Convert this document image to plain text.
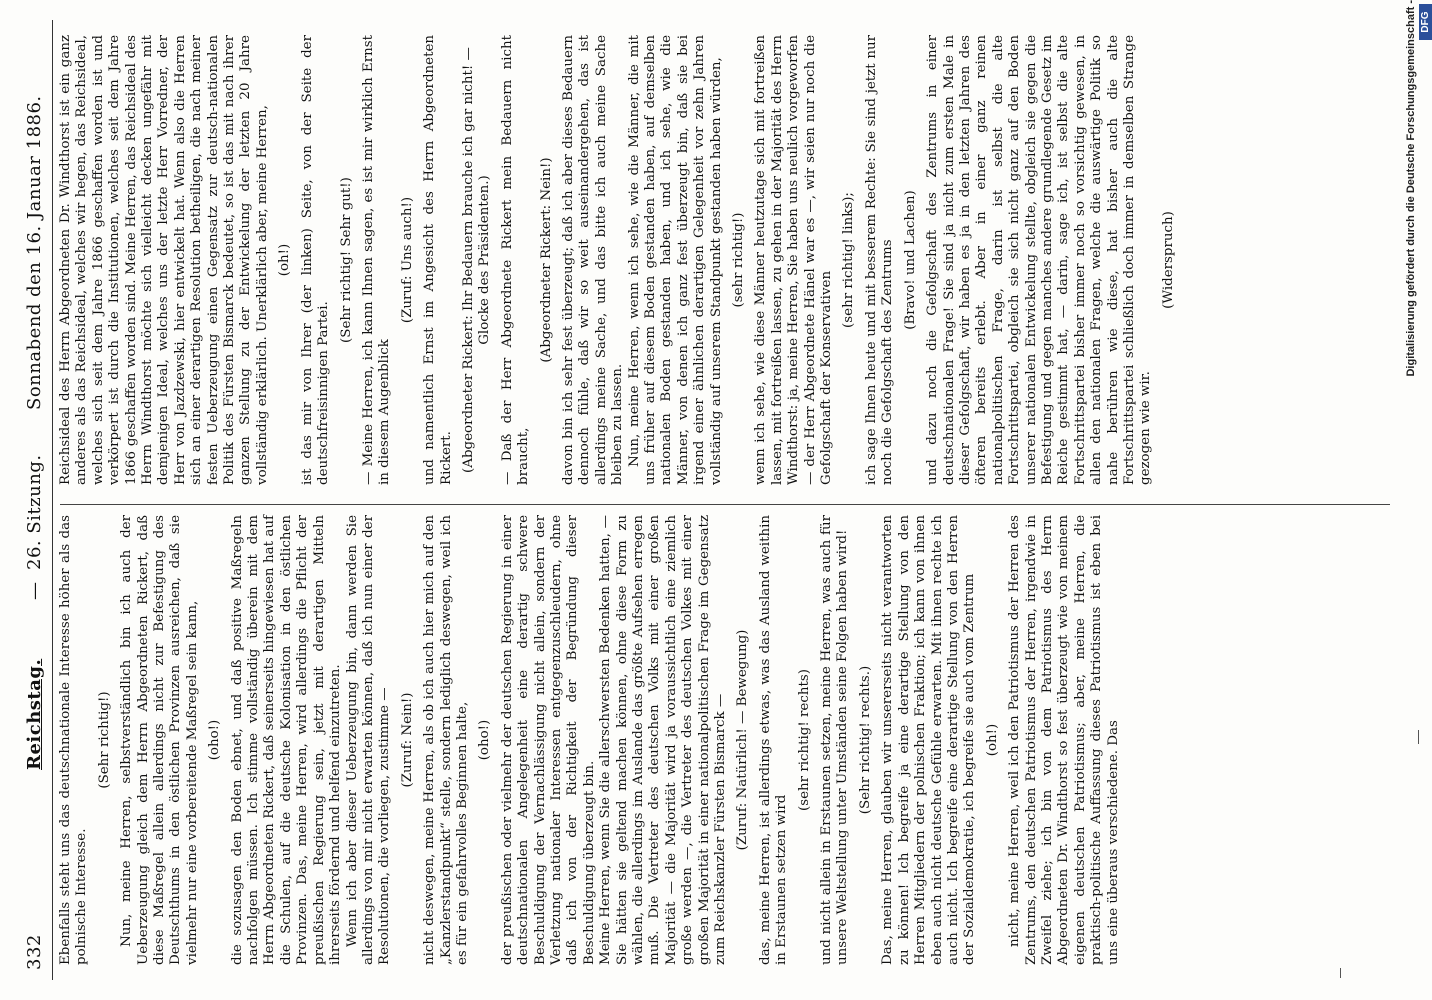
332
Reichstag.
—
26. Sitzung.
Sonnabend den 16. Januar 1886.

Ebenfalls steht uns das deutschnationale Interesse höher als das polnische Interesse.

(Sehr richtig!) Nun, meine Herren, selbstverständlich bin ich auch der Ueberzeugung gleich dem Herrn Abgeordneten Rickert, daß diese Maßregel allein allerdings nicht zur Befestigung des Deutschthums in den östlichen Provinzen ausreichen, daß sie vielmehr nur eine vorbereitende Maßregel sein kann, (oho!) die sozusagen den Boden ebnet, und daß positive Maßregeln nachfolgen müssen. Ich stimme vollständig überein mit dem Herrn Abgeordneten Rickert, daß seinerseits hingewiesen hat auf die Schulen, auf die deutsche Kolonisation in den östlichen Provinzen. Das, meine Herren, wird allerdings die Pflicht der preußischen Regierung sein, jetzt mit derartigen Mitteln ihrerseits fördernd und helfend einzutreten. Wenn ich aber dieser Ueberzeugung bin, dann werden Sie allerdings von mir nicht erwarten können, daß ich nun einer der Resolutionen, die vorliegen, zustimme — (Zuruf: Nein!) nicht deswegen, meine Herren, als ob ich auch hier mich auf den „Kanzlerstandpunkt“ stelle, sondern lediglich deswegen, weil ich es für ein gefahrvolles Beginnen halte, (oho!) der preußischen oder vielmehr der deutschen Regierung in einer deutschnationalen Angelegenheit eine derartig schwere Beschuldigung der Vernachlässigung nicht allein, sondern der Verletzung nationaler Interessen entgegenzuschleudern, ohne daß ich von der Richtigkeit der Begründung dieser Beschuldigung überzeugt bin. Meine Herren, wenn Sie die allerschwersten Bedenken hatten, — Sie hätten sie geltend machen können, ohne diese Form zu wählen, die allerdings im Auslande das größte Aufsehen erregen muß. Die Vertreter des deutschen Volks mit einer großen Majorität — die Majorität wird ja voraussichtlich eine ziemlich große werden —, die Vertreter des deutschen Volkes mit einer großen Majorität in einer nationalpolitischen Frage im Gegensatz zum Reichskanzler Fürsten Bismarck — (Zuruf: Natürlich! — Bewegung) das, meine Herren, ist allerdings etwas, was das Ausland weithin in Erstaunen setzen wird

(sehr richtig! rechts) und nicht allein in Erstaunen setzen, meine Herren, was auch für unsere Weltstellung unter Umständen seine Folgen haben wird! (Sehr richtig! rechts.) Das, meine Herren, glauben wir unsererseits nicht verantworten zu können! Ich begreife ja eine derartige Stellung von den Herren Mitgliedern der polnischen Fraktion; ich kann von ihnen eben auch nicht deutsche Gefühle erwarten. Mit ihnen rechte ich auch nicht. Ich begreife eine derartige Stellung von den Herren der Sozialdemokratie, ich begreife sie auch vom Zentrum (oh!) nicht, meine Herren, weil ich den Patriotismus der Herren des Zentrums, den deutschen Patriotismus der Herren, irgendwie in Zweifel ziehe; ich bin von dem Patriotismus des Herrn Abgeordneten Dr. Windthorst so fest überzeugt wie von meinem eigenen deutschen Patriotismus; aber, meine Herren, die praktisch-politische Auffassung dieses Patriotismus ist eben bei uns eine überaus verschiedene. Das

Reichsideal des Herrn Abgeordneten Dr. Windthorst ist ein ganz anderes als das Reichsideal, welches wir hegen, das Reichsideal, welches sich seit dem Jahre 1866 geschaffen worden ist und verkörpert ist durch die Institutionen, welches seit dem Jahre 1866 geschaffen worden sind. Meine Herren, das Reichsideal des Herrn Windthorst möchte sich vielleicht decken ungefähr mit demjenigen Ideal, welches uns der letzte Herr Vorredner, der Herr von Jazdzewski, hier entwickelt hat. Wenn also die Herren sich an einer derartigen Resolution betheiligen, die nach meiner festen Ueberzeugung einen Gegensatz zur deutsch-nationalen Politik des Fürsten Bismarck bedeutet, so ist das mit nach ihrer ganzen Stellung zu der Entwickelung der letzten 20 Jahre vollständig erklärlich. Unerklärlich aber, meine Herren, (oh!) ist das mir von Ihrer (der linken) Seite, von der Seite der deutschfreisinnigen Partei.

(Sehr richtig! Sehr gut!) — Meine Herren, ich kann Ihnen sagen, es ist mir wirklich Ernst in diesem Augenblick

(Zuruf: Uns auch!) und namentlich Ernst im Angesicht des Herrn Abgeordneten Rickert. (Abgeordneter Rickert: Ihr Bedauern brauche ich gar nicht! — Glocke des Präsidenten.) — Daß der Herr Abgeordnete Rickert mein Bedauern nicht braucht,

(Abgeordneter Rickert: Nein!) davon bin ich sehr fest überzeugt; daß ich aber dieses Bedauern dennoch fühle, daß wir so weit auseinandergehen, das ist allerdings meine Sache, und das bitte ich auch meine Sache bleiben zu lassen. Nun, meine Herren, wenn ich sehe, wie die Männer, die mit uns früher auf diesem Boden gestanden haben, auf demselben nationalen Boden gestanden haben, und ich sehe, wie die Männer, von denen ich ganz fest überzeugt bin, daß sie bei irgend einer ähnlichen derartigen Gelegenheit vor zehn Jahren vollständig auf unserem Standpunkt gestanden haben würden, (sehr richtig!) wenn ich sehe, wie diese Männer heutzutage sich mit fortreißen lassen, mit fortreißen lassen, zu gehen in der Majorität des Herrn Windthorst: ja, meine Herren, Sie haben uns neulich vorgeworfen — der Herr Abgeordnete Hänel war es —, wir seien nur noch die Gefolgschaft der Konservativen

(sehr richtig! links); ich sage Ihnen heute und mit besserem Rechte: Sie sind jetzt nur noch die Gefolgschaft des Zentrums (Bravo! und Lachen) und dazu noch die Gefolgschaft des Zentrums in einer deutschnationalen Frage! Sie sind ja nicht zum ersten Male in dieser Gefolgschaft, wir haben es ja in den letzten Jahren des öfteren bereits erlebt. Aber in einer ganz reinen nationalpolitischen Frage, darin ist selbst die alte Fortschrittspartei, obgleich sie sich nicht ganz auf den Boden unserer nationalen Entwickelung stellte, obgleich sie gegen die Befestigung und gegen manches andere grundlegende Gesetz im Reiche gestimmt hat, — darin, sage ich, ist selbst die alte Fortschrittspartei bisher immer noch so vorsichtig gewesen, in allen den nationalen Fragen, welche die auswärtige Politik so nahe berühren wie diese, hat bisher auch die alte Fortschrittspartei schließlich doch immer in demselben Strange gezogen wie wir.

(Widerspruch)	Digitalisierung gefördert durch die Deutsche Forschungsgemeinschaft - DFG
